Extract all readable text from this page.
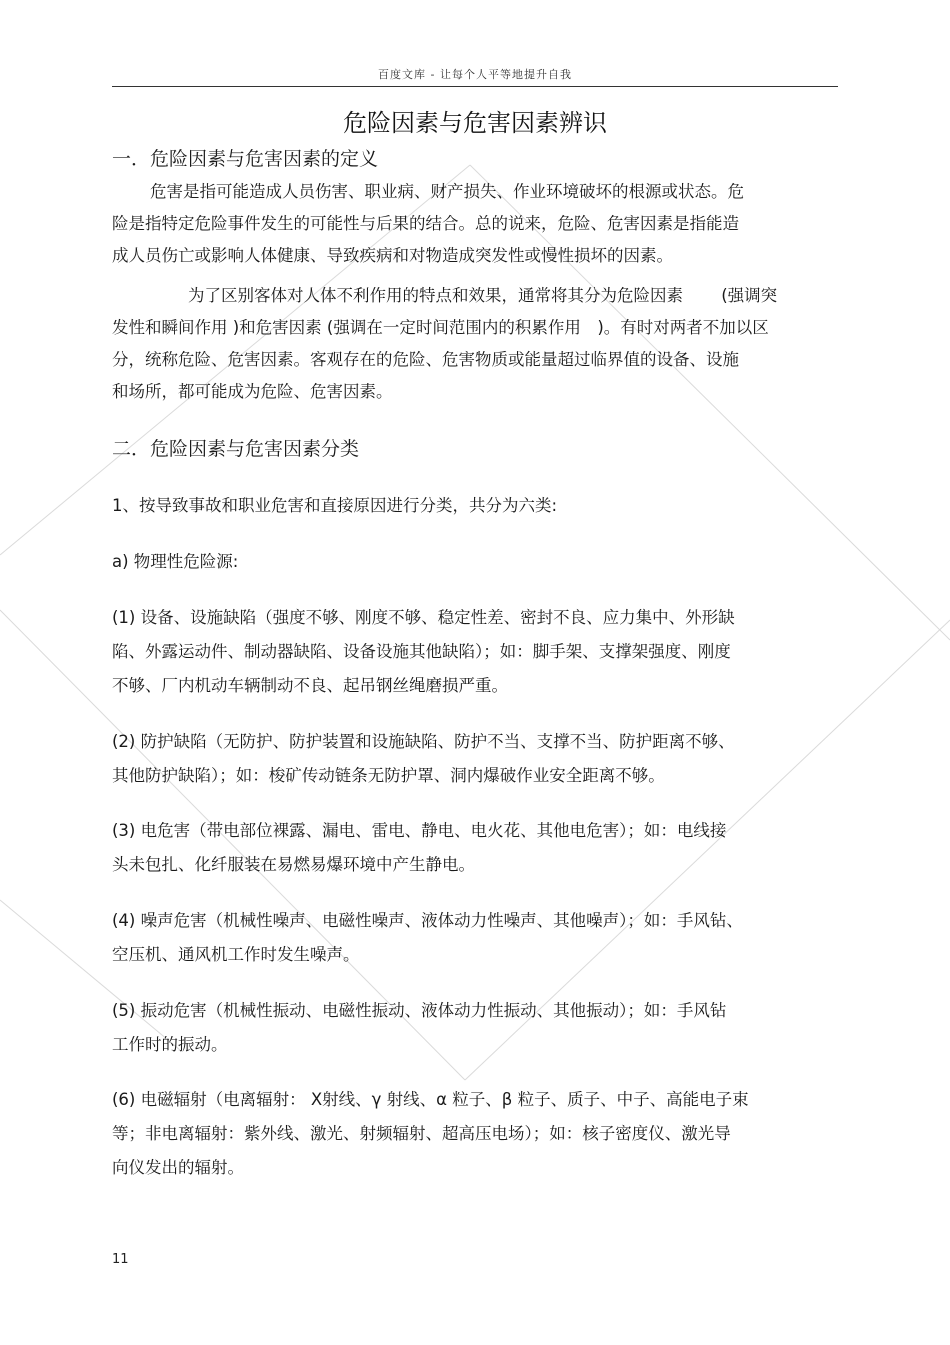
百度文库 - 让每个人平等地提升自我
危险因素与危害因素辨识
一．危险因素与危害因素的定义
危害是指可能造成人员伤害、职业病、财产损失、作业环境破坏的根源或状态。危
险是指特定危险事件发生的可能性与后果的结合。总的说来，危险、危害因素是指能造
成人员伤亡或影响人体健康、导致疾病和对物造成突发性或慢性损坏的因素。
为了区别客体对人体不利作用的特点和效果，通常将其分为危险因素　　 (强调突
发性和瞬间作用 )和危害因素 (强调在一定时间范围内的积累作用　)。有时对两者不加以区
分，统称危险、危害因素。客观存在的危险、危害物质或能量超过临界值的设备、设施
和场所，都可能成为危险、危害因素。
二．危险因素与危害因素分类
1、按导致事故和职业危害和直接原因进行分类，共分为六类:
a) 物理性危险源:
(1) 设备、设施缺陷（强度不够、刚度不够、稳定性差、密封不良、应力集中、外形缺
陷、外露运动件、制动器缺陷、设备设施其他缺陷）；如：脚手架、支撑架强度、刚度
不够、厂内机动车辆制动不良、起吊钢丝绳磨损严重。
(2) 防护缺陷（无防护、防护装置和设施缺陷、防护不当、支撑不当、防护距离不够、
其他防护缺陷）；如：梭矿传动链条无防护罩、洞内爆破作业安全距离不够。
(3) 电危害（带电部位裸露、漏电、雷电、静电、电火花、其他电危害）；如：电线接
头未包扎、化纤服装在易燃易爆环境中产生静电。
(4) 噪声危害（机械性噪声、电磁性噪声、液体动力性噪声、其他噪声）；如：手风钻、
空压机、通风机工作时发生噪声。
(5) 振动危害（机械性振动、电磁性振动、液体动力性振动、其他振动）；如：手风钻
工作时的振动。
(6) 电磁辐射（电离辐射： X射线、γ 射线、α 粒子、β 粒子、质子、中子、高能电子束
等；非电离辐射：紫外线、激光、射频辐射、超高压电场）；如：核子密度仪、激光导
向仪发出的辐射。
11
